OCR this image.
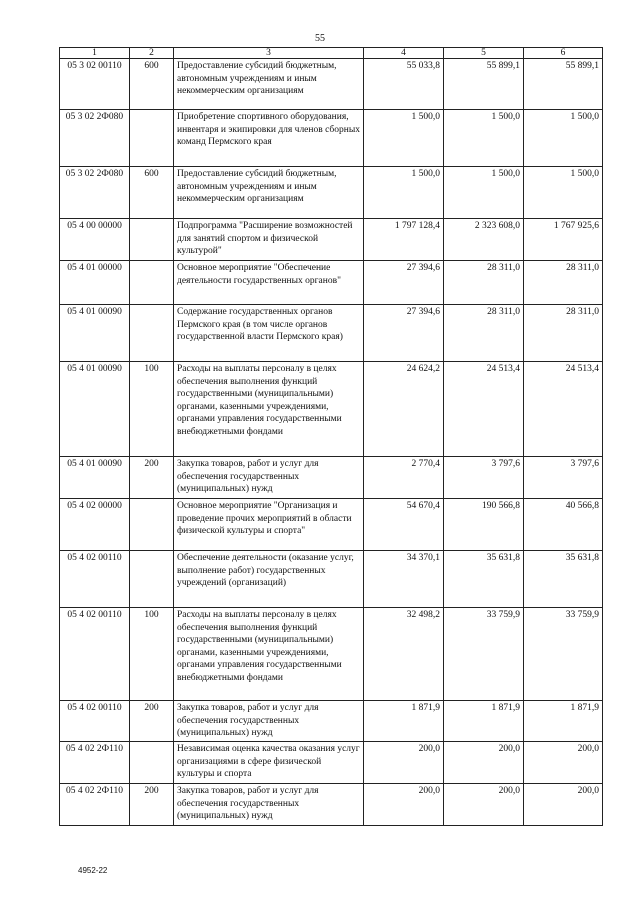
55
1	2	3	4	5	6
05 3 02 00110	600	Предоставление субсидий бюджетным, автономным учреждениям и иным некоммерческим организациям	55 033,8	55 899,1	55 899,1
05 3 02 2Ф080		Приобретение спортивного оборудования, инвентаря и экипировки для членов сборных команд Пермского края	1 500,0	1 500,0	1 500,0
05 3 02 2Ф080	600	Предоставление субсидий бюджетным, автономным учреждениям и иным некоммерческим организациям	1 500,0	1 500,0	1 500,0
05 4 00 00000		Подпрограмма "Расширение возможностей для занятий спортом и физической культурой"	1 797 128,4	2 323 608,0	1 767 925,6
05 4 01 00000		Основное мероприятие "Обеспечение деятельности государственных органов"	27 394,6	28 311,0	28 311,0
05 4 01 00090		Содержание государственных органов Пермского края (в том числе органов государственной власти Пермского края)	27 394,6	28 311,0	28 311,0
05 4 01 00090	100	Расходы на выплаты персоналу в целях обеспечения выполнения функций государственными (муниципальными) органами, казенными учреждениями, органами управления государственными внебюджетными фондами	24 624,2	24 513,4	24 513,4
05 4 01 00090	200	Закупка товаров, работ и услуг для обеспечения государственных (муниципальных) нужд	2 770,4	3 797,6	3 797,6
05 4 02 00000		Основное мероприятие "Организация и проведение прочих мероприятий в области физической культуры и спорта"	54 670,4	190 566,8	40 566,8
05 4 02 00110		Обеспечение деятельности (оказание услуг, выполнение работ) государственных учреждений (организаций)	34 370,1	35 631,8	35 631,8
05 4 02 00110	100	Расходы на выплаты персоналу в целях обеспечения выполнения функций государственными (муниципальными) органами, казенными учреждениями, органами управления государственными внебюджетными фондами	32 498,2	33 759,9	33 759,9
05 4 02 00110	200	Закупка товаров, работ и услуг для обеспечения государственных (муниципальных) нужд	1 871,9	1 871,9	1 871,9
05 4 02 2Ф110		Независимая оценка качества оказания услуг организациями в сфере физической культуры и спорта	200,0	200,0	200,0
05 4 02 2Ф110	200	Закупка товаров, работ и услуг для обеспечения государственных (муниципальных) нужд	200,0	200,0	200,0
4952-22
